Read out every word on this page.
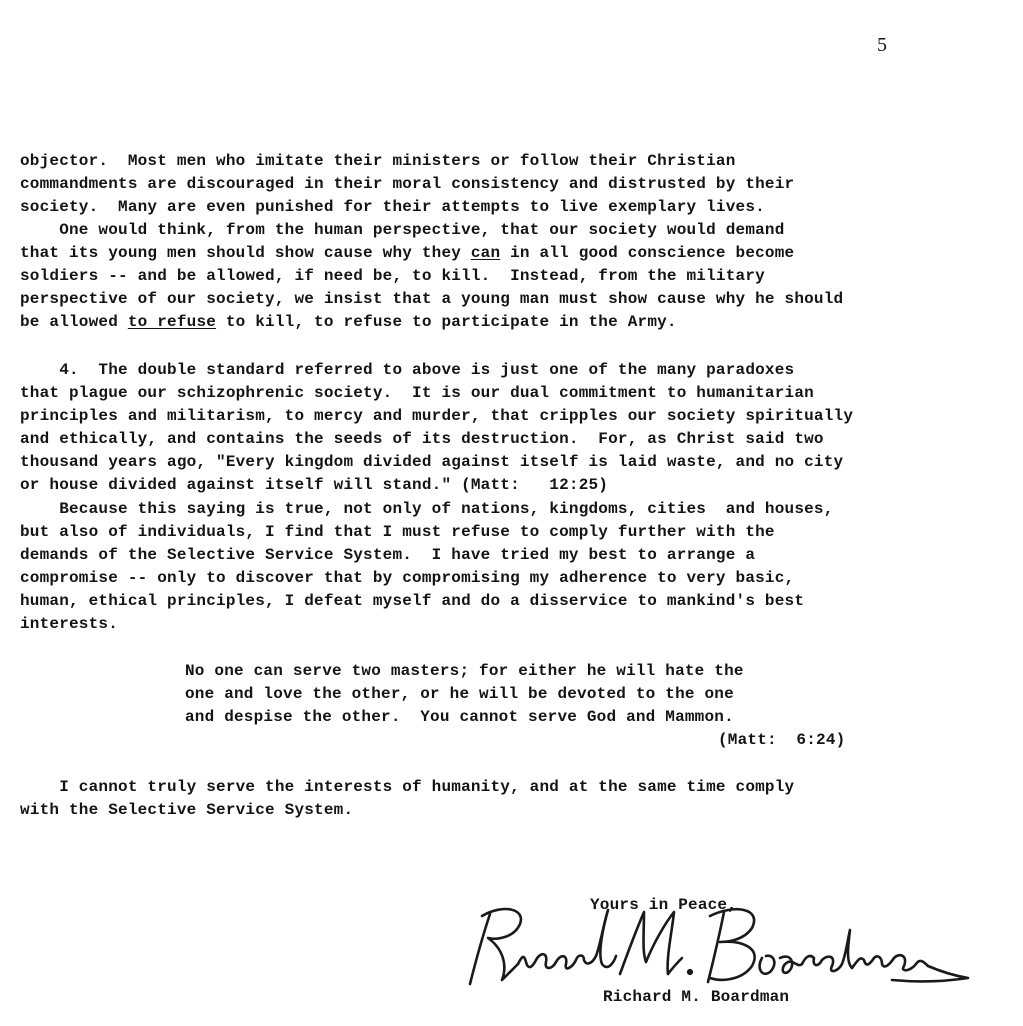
5
objector.  Most men who imitate their ministers or follow their Christian
commandments are discouraged in their moral consistency and distrusted by their
society.  Many are even punished for their attempts to live exemplary lives.
One would think, from the human perspective, that our society would demand
that its young men should show cause why they can in all good conscience become
soldiers -- and be allowed, if need be, to kill.  Instead, from the military
perspective of our society, we insist that a young man must show cause why he should
be allowed to refuse to kill, to refuse to participate in the Army.
4.  The double standard referred to above is just one of the many paradoxes
that plague our schizophrenic society.  It is our dual commitment to humanitarian
principles and militarism, to mercy and murder, that cripples our society spiritually
and ethically, and contains the seeds of its destruction.  For, as Christ said two
thousand years ago, "Every kingdom divided against itself is laid waste, and no city
or house divided against itself will stand." (Matt:   12:25)
Because this saying is true, not only of nations, kingdoms, cities  and houses,
but also of individuals, I find that I must refuse to comply further with the
demands of the Selective Service System.  I have tried my best to arrange a
compromise -- only to discover that by compromising my adherence to very basic,
human, ethical principles, I defeat myself and do a disservice to mankind's best
interests.
No one can serve two masters; for either he will hate the
one and love the other, or he will be devoted to the one
and despise the other.  You cannot serve God and Mammon.
(Matt:  6:24)
I cannot truly serve the interests of humanity, and at the same time comply
with the Selective Service System.
Yours in Peace,
Richard M. Boardman
